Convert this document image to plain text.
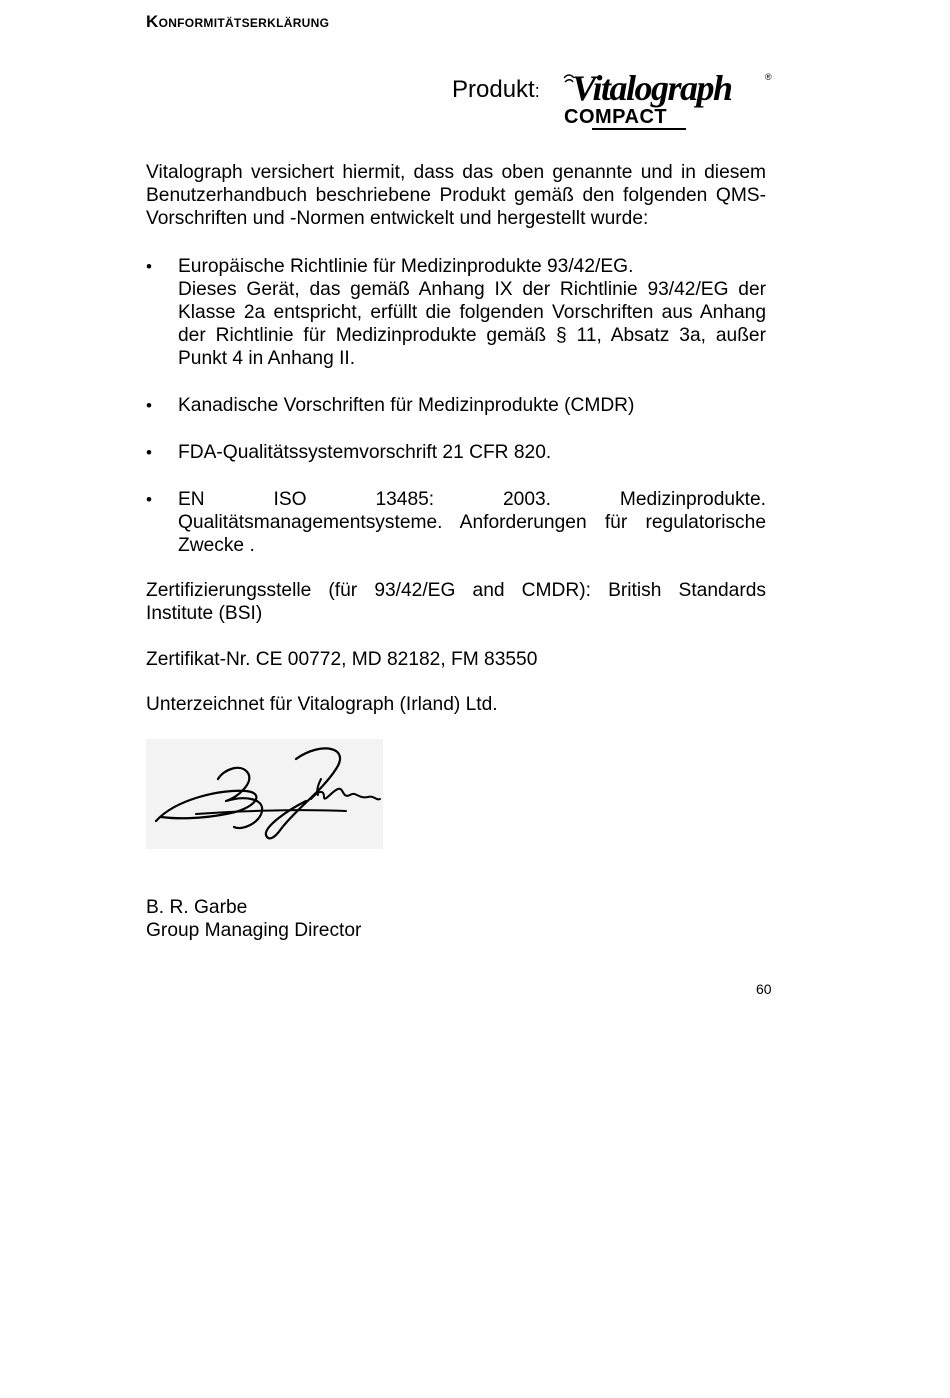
Konformitätserklärung
Produkt: Vitalograph	®
COMPACT
Vitalograph versichert hiermit, dass das oben genannte und in diesem Benutzerhandbuch beschriebene Produkt gemäß den folgenden QMS-Vorschriften und -Normen entwickelt und hergestellt wurde:
• Europäische Richtlinie für Medizinprodukte 93/42/EG.
Dieses Gerät, das gemäß Anhang IX der Richtlinie 93/42/EG der Klasse 2a entspricht, erfüllt die folgenden Vorschriften aus Anhang der Richtlinie für Medizinprodukte gemäß § 11, Absatz 3a, außer Punkt 4 in Anhang II.
• Kanadische Vorschriften für Medizinprodukte (CMDR)
• FDA-Qualitätssystemvorschrift 21 CFR 820.
• EN ISO 13485: 2003. Medizinprodukte. Qualitätsmanagementsysteme. Anforderungen für regulatorische Zwecke .
Zertifizierungsstelle (für 93/42/EG and CMDR): British Standards Institute (BSI)
Zertifikat-Nr. CE 00772, MD 82182, FM 83550
Unterzeichnet für Vitalograph (Irland) Ltd.
B. R. Garbe
Group Managing Director
60
